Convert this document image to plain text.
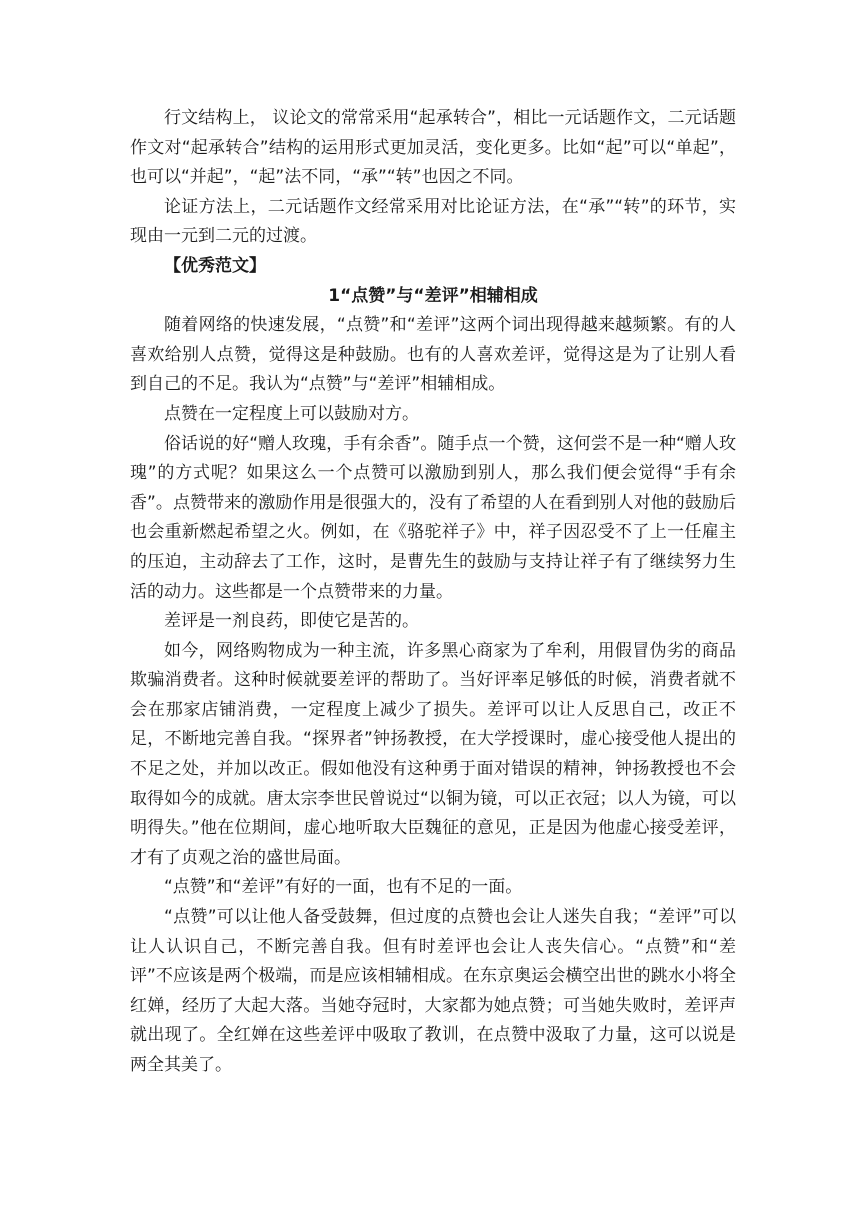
行文结构上， 议论文的常常采用“起承转合”，相比一元话题作文，二元话题作文对“起承转合”结构的运用形式更加灵活，变化更多。比如“起”可以“单起”，也可以“并起”，“起”法不同，“承”“转”也因之不同。

论证方法上，二元话题作文经常采用对比论证方法，在“承”“转”的环节，实现由一元到二元的过渡。

【优秀范文】

1“点赞”与“差评”相辅相成

随着网络的快速发展，“点赞”和“差评”这两个词出现得越来越频繁。有的人喜欢给别人点赞，觉得这是种鼓励。也有的人喜欢差评，觉得这是为了让别人看到自己的不足。我认为“点赞”与“差评”相辅相成。

点赞在一定程度上可以鼓励对方。

俗话说的好“赠人玫瑰，手有余香”。随手点一个赞，这何尝不是一种“赠人玫瑰”的方式呢？如果这么一个点赞可以激励到别人，那么我们便会觉得“手有余香”。点赞带来的激励作用是很强大的，没有了希望的人在看到别人对他的鼓励后也会重新燃起希望之火。例如，在《骆驼祥子》中，祥子因忍受不了上一任雇主的压迫，主动辞去了工作，这时，是曹先生的鼓励与支持让祥子有了继续努力生活的动力。这些都是一个点赞带来的力量。

差评是一剂良药，即使它是苦的。

如今，网络购物成为一种主流，许多黑心商家为了牟利，用假冒伪劣的商品欺骗消费者。这种时候就要差评的帮助了。当好评率足够低的时候，消费者就不会在那家店铺消费，一定程度上减少了损失。差评可以让人反思自己，改正不足，不断地完善自我。“探界者”钟扬教授，在大学授课时，虚心接受他人提出的不足之处，并加以改正。假如他没有这种勇于面对错误的精神，钟扬教授也不会取得如今的成就。唐太宗李世民曾说过“以铜为镜，可以正衣冠；以人为镜，可以明得失。”他在位期间，虚心地听取大臣魏征的意见，正是因为他虚心接受差评，才有了贞观之治的盛世局面。

“点赞”和“差评”有好的一面，也有不足的一面。

“点赞”可以让他人备受鼓舞，但过度的点赞也会让人迷失自我；“差评”可以让人认识自己，不断完善自我。但有时差评也会让人丧失信心。“点赞”和“差评”不应该是两个极端，而是应该相辅相成。在东京奥运会横空出世的跳水小将全红婵，经历了大起大落。当她夺冠时，大家都为她点赞；可当她失败时，差评声就出现了。全红婵在这些差评中吸取了教训，在点赞中汲取了力量，这可以说是两全其美了。
